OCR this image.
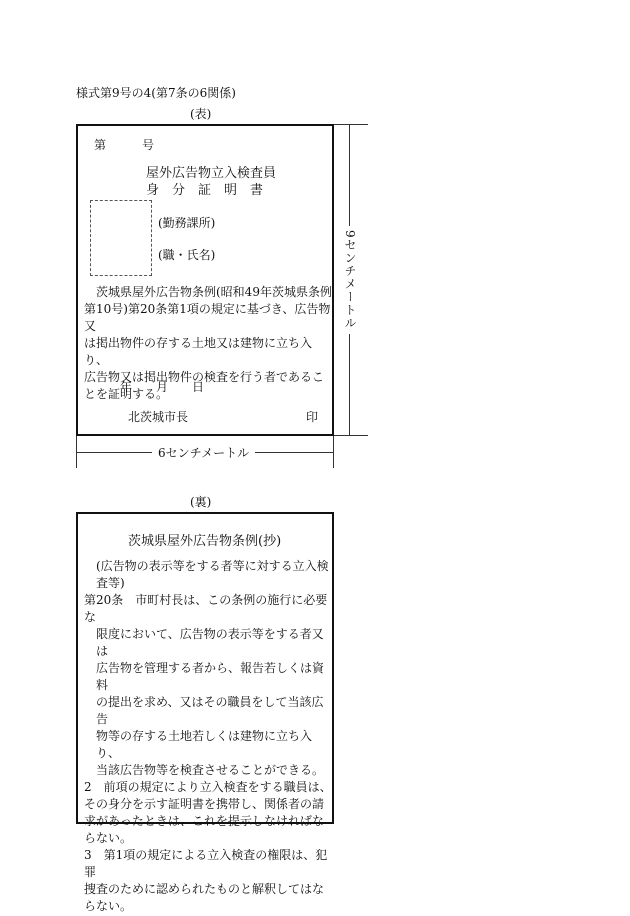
様式第9号の4(第7条の6関係)
(表)
第　　　号
屋外広告物立入検査員
身　分　証　明　書
(勤務課所)
(職・氏名)
茨城県屋外広告物条例(昭和49年茨城県条例
第10号)第20条第1項の規定に基づき、広告物又
は掲出物件の存する土地又は建物に立ち入り、
広告物又は掲出物件の検査を行う者であるこ
とを証明する。
年　　月　　日
北茨城市長	印
9センチメートル
6センチメートル
(裏)
茨城県屋外広告物条例(抄)
(広告物の表示等をする者等に対する立入検
査等)
第20条　市町村長は、この条例の施行に必要な
限度において、広告物の表示等をする者又は
広告物を管理する者から、報告若しくは資料
の提出を求め、又はその職員をして当該広告
物等の存する土地若しくは建物に立ち入り、
当該広告物等を検査させることができる。
2　前項の規定により立入検査をする職員は、
その身分を示す証明書を携帯し、関係者の請
求があったときは、これを提示しなければな
らない。
3　第1項の規定による立入検査の権限は、犯罪
捜査のために認められたものと解釈してはな
らない。
